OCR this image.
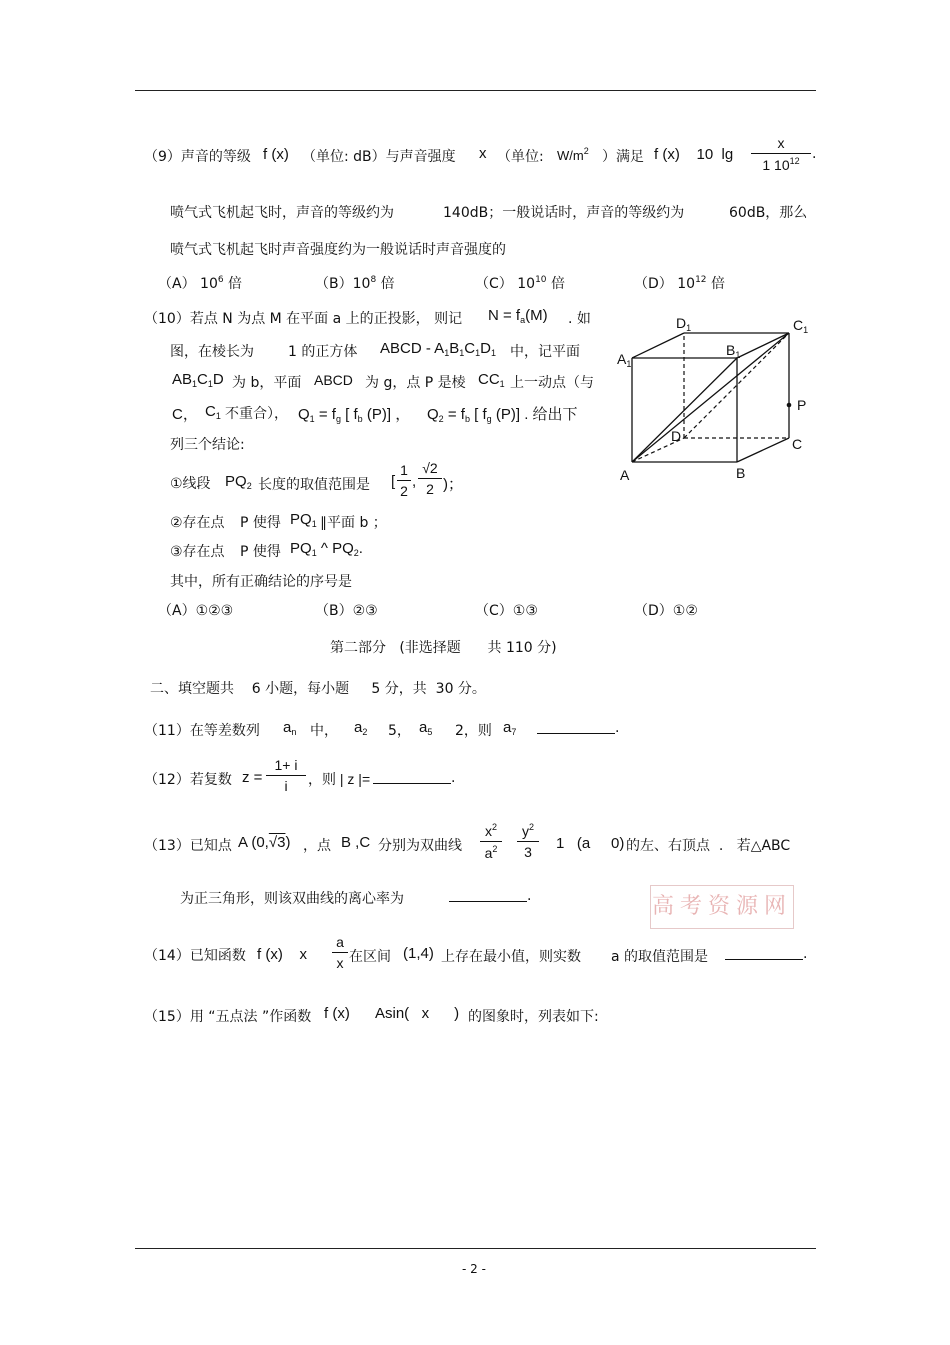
（9）声音的等级 f (x) （单位: dB）与声音强度 x （单位: $W/m^2$ ）满足 f (x)    10  lg
x
1 $10^{12}$ .
喷气式飞机起飞时，声音的等级约为	140dB；一般说话时，声音的等级约为	60dB，那么
喷气式飞机起飞时声音强度约为一般说话时声音强度的
（A） $10^6$ 倍	$(B)10^8$ 倍	（C） $10^{10}$ 倍	（D） $10^{12}$ 倍
（10）若点 N 为点 M 在平面 a 上的正投影， 则记 $N = f_a(M)$ . 如
图，在棱长为 1 的正方体 ABCD - $A_1B_1C_1D_1$ 中，记平面
$AB_1C_1D$ 为 b，平面 ABCD 为 g，点 P 是棱 $CC_1$ 上一动点（与
C， $C_1$ 不重合）， $Q_1 = f_g$ [ $f_b$ (P)] ， $Q_2 = f_b$ [ $f_g$ (P)] . 给出下
列三个结论:
①线段 $PQ_2$ 长度的取值范围是 [
1
2
,
√2
2 )；
②存在点 P 使得 $PQ_1$ ∥平面 b ；
③存在点 P 使得 $PQ_1$ ^ $PQ_2$.
其中，所有正确结论的序号是
（A）①②③	（B）②③	（C）①③	（D）①②
$D_1$	$C_1$
$A_1$
$B_1$
P
D	C
A	B
第二部分   (非选择题      共 110 分)
二、填空题共    6 小题，每小题     5 分，共  30 分。
（11）在等差数列 $a_n$ 中， $a_2$ 5， $a_5$ 2，则 $a_7$	.
（12）若复数 z =
1+ i
i	，则 | z |=	.
（13）已知点 A (0,√3) ，点 B ,C 分别为双曲线
$x^2$
$a^2$
$y^2$
3	1   (a     0) 的左、右顶点  .   若△ABC
为正三角形，则该双曲线的离心率为	.	高考资源网
（14）已知函数 f (x)    x
a
x 在区间 (1,4) 上存在最小值，则实数 a 的取值范围是	.
（15）用 “五点法 ”作函数 f (x) Asin(   x      ) 的图象时，列表如下:
- 2 -
